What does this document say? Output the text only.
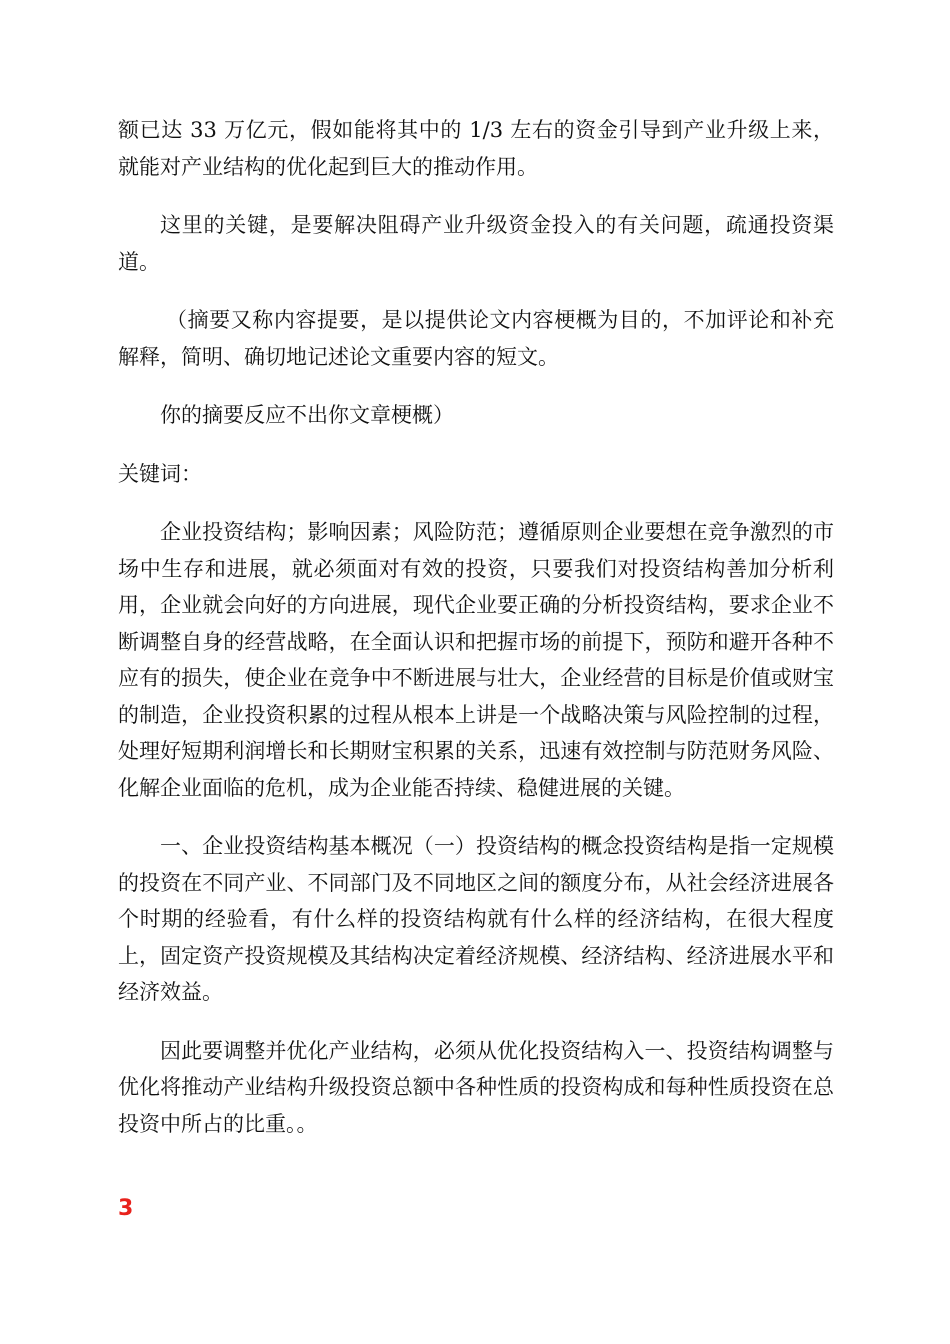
额已达 33 万亿元，假如能将其中的 1/3 左右的资金引导到产业升级上来，就能对产业结构的优化起到巨大的推动作用。

这里的关键，是要解决阻碍产业升级资金投入的有关问题，疏通投资渠道。

（摘要又称内容提要，是以提供论文内容梗概为目的，不加评论和补充解释，简明、确切地记述论文重要内容的短文。

你的摘要反应不出你文章梗概）

关键词：

企业投资结构；影响因素；风险防范；遵循原则企业要想在竞争激烈的市场中生存和进展，就必须面对有效的投资，只要我们对投资结构善加分析利用，企业就会向好的方向进展，现代企业要正确的分析投资结构，要求企业不断调整自身的经营战略，在全面认识和把握市场的前提下，预防和避开各种不应有的损失，使企业在竞争中不断进展与壮大，企业经营的目标是价值或财宝的制造，企业投资积累的过程从根本上讲是一个战略决策与风险控制的过程，处理好短期利润增长和长期财宝积累的关系，迅速有效控制与防范财务风险、化解企业面临的危机，成为企业能否持续、稳健进展的关键。

一、企业投资结构基本概况（一）投资结构的概念投资结构是指一定规模的投资在不同产业、不同部门及不同地区之间的额度分布，从社会经济进展各个时期的经验看，有什么样的投资结构就有什么样的经济结构，在很大程度上，固定资产投资规模及其结构决定着经济规模、经济结构、经济进展水平和经济效益。

因此要调整并优化产业结构，必须从优化投资结构入一、投资结构调整与优化将推动产业结构升级投资总额中各种性质的投资构成和每种性质投资在总投资中所占的比重。。

3
